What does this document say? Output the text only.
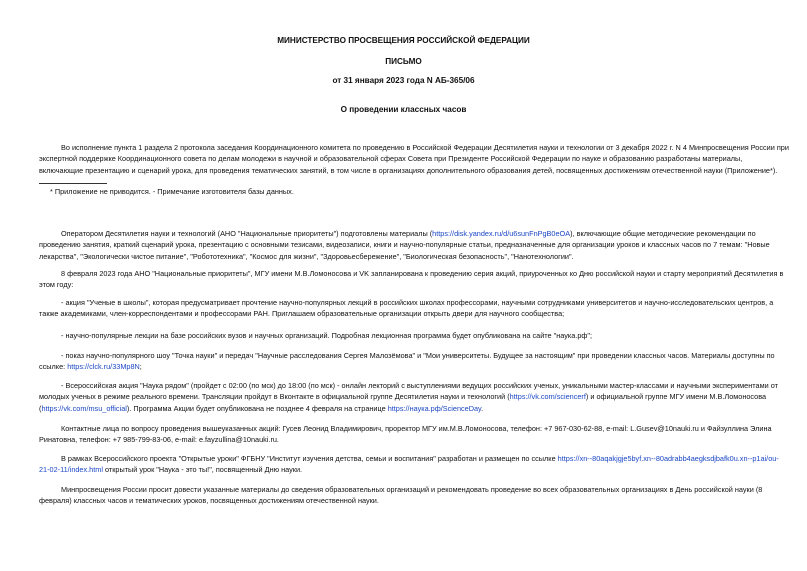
МИНИСТЕРСТВО ПРОСВЕЩЕНИЯ РОССИЙСКОЙ ФЕДЕРАЦИИ
ПИСЬМО
от 31 января 2023 года N АБ-365/06
О проведении классных часов
Во исполнение пункта 1 раздела 2 протокола заседания Координационного комитета по проведению в Российской Федерации Десятилетия науки и технологии от 3 декабря 2022 г. N 4 Минпросвещения России при
экспертной поддержке Координационного совета по делам молодежи в научной и образовательной сферах Совета при Президенте Российской Федерации по науке и образованию разработаны материалы,
включающие презентацию и сценарий урока, для проведения тематических занятий, в том числе в организациях дополнительного образования детей, посвященных достижениям отечественной науки (Приложение*).
* Приложение не приводится. - Примечание изготовителя базы данных.
Оператором Десятилетия науки и технологий (АНО "Национальные приоритеты") подготовлены материалы (https://disk.yandex.ru/d/u6sunFnPgB0eOA), включающие общие методические рекомендации по
проведению занятия, краткий сценарий урока, презентацию с основными тезисами, видеозаписи, книги и научно-популярные статьи, предназначенные для организации уроков и классных часов по 7 темам: "Новые
лекарства", "Экологически чистое питание", "Робототехника", "Космос для жизни", "Здоровьесбережение", "Биологическая безопасность", "Нанотехнологии".
8 февраля 2023 года АНО "Национальные приоритеты", МГУ имени М.В.Ломоносова и VK запланирована к проведению серия акций, приуроченных ко Дню российской науки и старту мероприятий Десятилетия в
этом году:
- акция "Ученые в школы", которая предусматривает прочтение научно-популярных лекций в российских школах профессорами, научными сотрудниками университетов и научно-исследовательских центров, а
также академиками, член-корреспондентами и профессорами РАН. Приглашаем образовательные организации открыть двери для научного сообщества;
- научно-популярные лекции на базе российских вузов и научных организаций. Подробная лекционная программа будет опубликована на сайте "наука.рф";
- показ научно-популярного шоу "Точка науки" и передач "Научные расследования Сергея Малозёмова" и "Мои университеты. Будущее за настоящим" при проведении классных часов. Материалы доступны по
ссылке: https://clck.ru/33Mp8N;
- Всероссийская акция "Наука рядом" (пройдет с 02:00 (по мск) до 18:00 (по мск) - онлайн лекторий с выступлениями ведущих российских ученых, уникальными мастер-классами и научными экспериментами от
молодых ученых в режиме реального времени. Трансляции пройдут в Вконтакте в официальной группе Десятилетия науки и технологий (https://vk.com/sciencerf) и официальной группе МГУ имени М.В.Ломоносова
(https://vk.com/msu_official). Программа Акции будет опубликована не позднее 4 февраля на странице https://наука.рф/ScienceDay.
Контактные лица по вопросу проведения вышеуказанных акций: Гусев Леонид Владимирович, проректор МГУ им.М.В.Ломоносова, телефон: +7 967-030-62-88, e-mail: L.Gusev@10nauki.ru и Файзуллина Элина
Ринатовна, телефон: +7 985-799-83-06, e-mail: e.fayzullina@10nauki.ru.
В рамках Всероссийского проекта "Открытые уроки" ФГБНУ "Институт изучения детства, семьи и воспитания" разработан и размещен по ссылке https://xn--80aqakjgje5byf.xn--80adrabb4aegksdjbafk0u.xn--p1ai/ou-
21-02-11/index.html открытый урок "Наука - это ты!", посвященный Дню науки.
Минпросвещения России просит довести указанные материалы до сведения образовательных организаций и рекомендовать проведение во всех образовательных организациях в День российской науки (8
февраля) классных часов и тематических уроков, посвященных достижениям отечественной науки.
